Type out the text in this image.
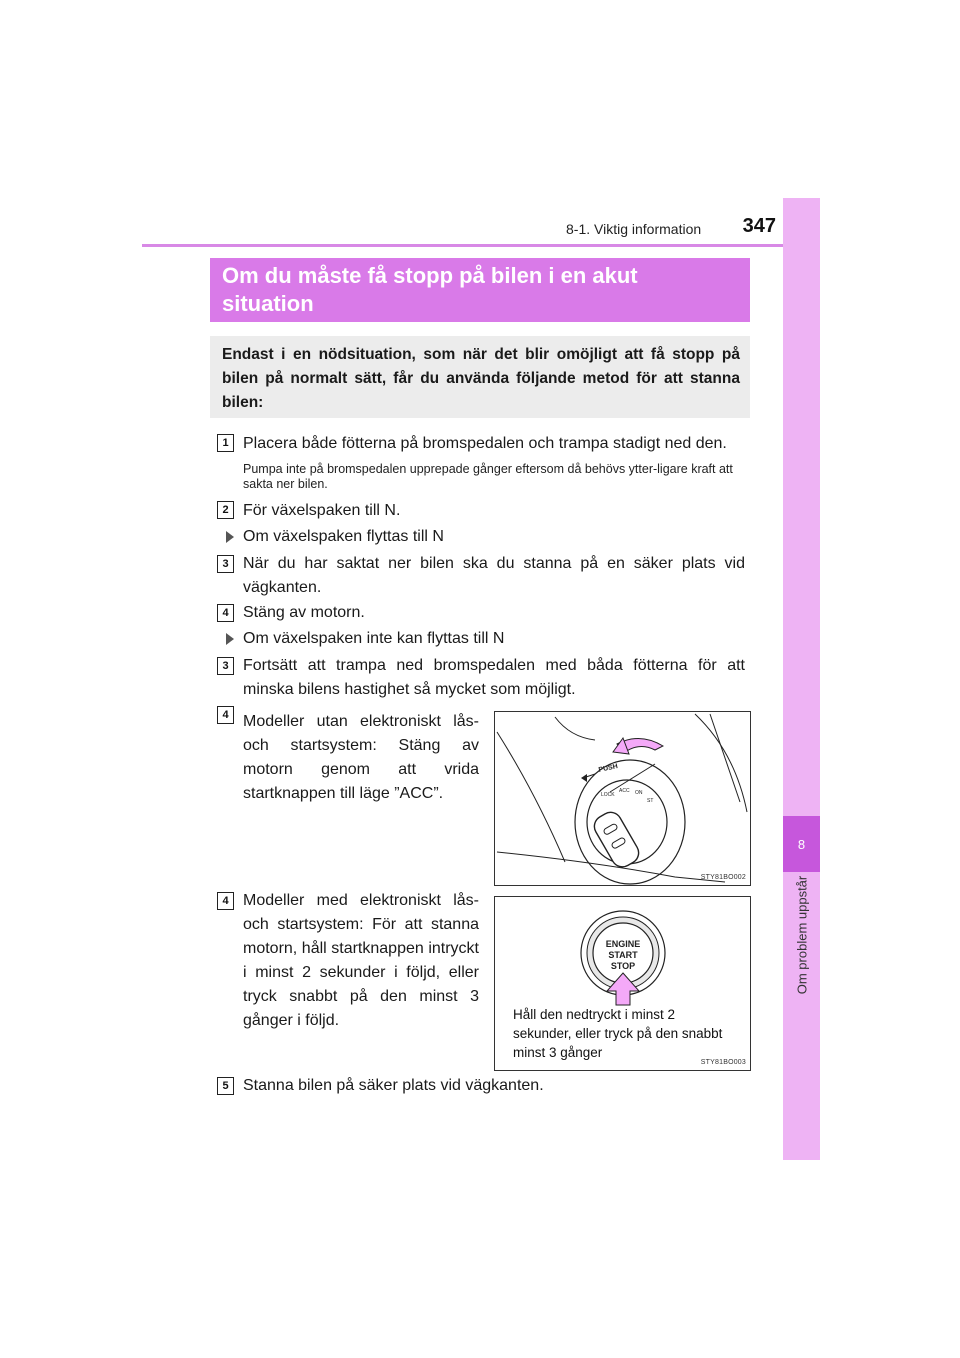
8-1. Viktig information	347
8
Om problem uppstår
Om du måste få stopp på bilen i en akut
situation

Endast i en nödsituation, som när det blir omöjligt att få stopp på bilen på normalt sätt, får du använda följande metod för att stanna bilen:

1 Placera både fötterna på bromspedalen och trampa stadigt ned den.
Pumpa inte på bromspedalen upprepade gånger eftersom då behövs ytter-ligare kraft att sakta ner bilen.
2 För växelspaken till N.
Om växelspaken flyttas till N
3 När du har saktat ner bilen ska du stanna på en säker plats vid vägkanten.
4 Stäng av motorn.
Om växelspaken inte kan flyttas till N
3 Fortsätt att trampa ned bromspedalen med båda fötterna för att minska bilens hastighet så mycket som möjligt.
4 Modeller utan elektroniskt lås- och startsystem: Stäng av motorn genom att vrida startknappen till läge ”ACC”.
PUSH
LOCK
ACC ON
ST
STY81BO002
4 Modeller med elektroniskt lås- och startsystem: För att stanna motorn, håll startknappen intryckt i minst 2 sekunder i följd, eller tryck snabbt på den minst 3 gånger i följd.
ENGINE
START
STOP
Håll den nedtryckt i minst 2 sekunder, eller tryck på den snabbt minst 3 gånger
STY81BO003
5 Stanna bilen på säker plats vid vägkanten.
